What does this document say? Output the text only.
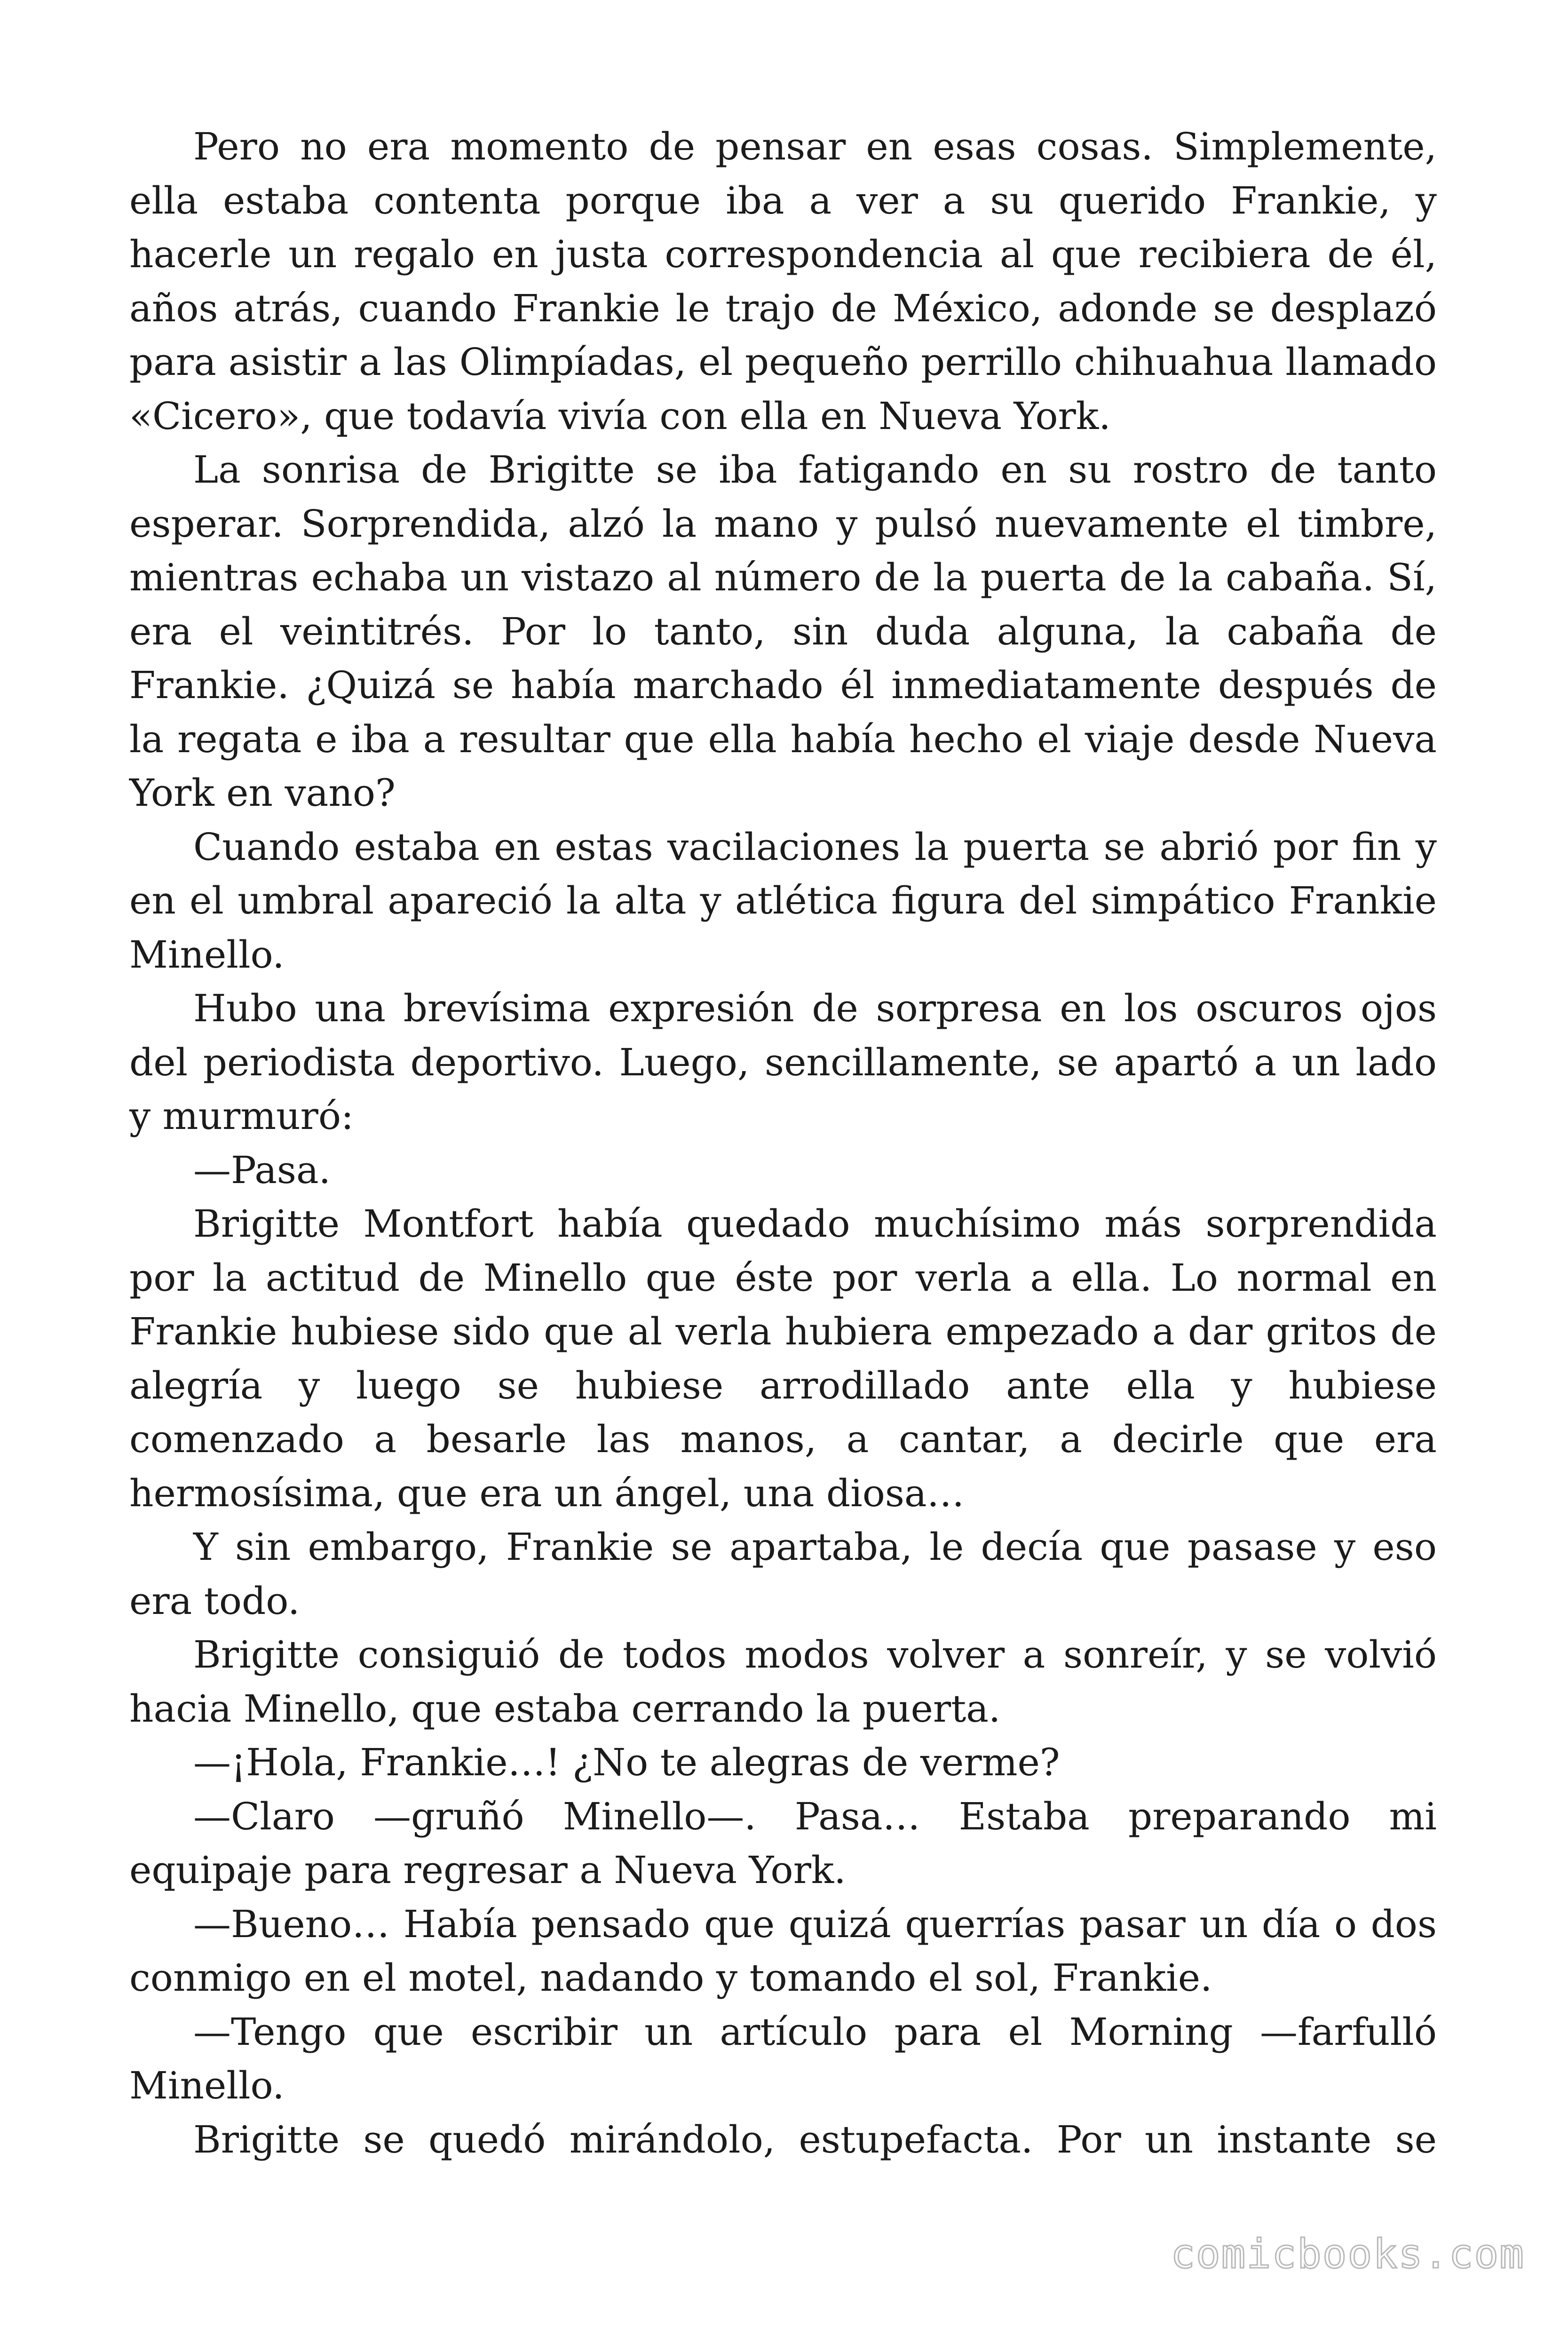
Pero no era momento de pensar en esas cosas. Simplemente, ella estaba contenta porque iba a ver a su querido Frankie, y hacerle un regalo en justa correspondencia al que recibiera de él, años atrás, cuando Frankie le trajo de México, adonde se desplazó para asistir a las Olimpíadas, el pequeño perrillo chihuahua llamado «Cicero», que todavía vivía con ella en Nueva York.

La sonrisa de Brigitte se iba fatigando en su rostro de tanto esperar. Sorprendida, alzó la mano y pulsó nuevamente el timbre, mientras echaba un vistazo al número de la puerta de la cabaña. Sí, era el veintitrés. Por lo tanto, sin duda alguna, la cabaña de Frankie. ¿Quizá se había marchado él inmediatamente después de la regata e iba a resultar que ella había hecho el viaje desde Nueva York en vano?

Cuando estaba en estas vacilaciones la puerta se abrió por fin y en el umbral apareció la alta y atlética figura del simpático Frankie Minello.

Hubo una brevísima expresión de sorpresa en los oscuros ojos del periodista deportivo. Luego, sencillamente, se apartó a un lado y murmuró:

—Pasa.

Brigitte Montfort había quedado muchísimo más sorprendida por la actitud de Minello que éste por verla a ella. Lo normal en Frankie hubiese sido que al verla hubiera empezado a dar gritos de alegría y luego se hubiese arrodillado ante ella y hubiese comenzado a besarle las manos, a cantar, a decirle que era hermosísima, que era un ángel, una diosa…

Y sin embargo, Frankie se apartaba, le decía que pasase y eso era todo.

Brigitte consiguió de todos modos volver a sonreír, y se volvió hacia Minello, que estaba cerrando la puerta.

—¡Hola, Frankie…! ¿No te alegras de verme?

—Claro —gruñó Minello—. Pasa… Estaba preparando mi equipaje para regresar a Nueva York.

—Bueno… Había pensado que quizá querrías pasar un día o dos conmigo en el motel, nadando y tomando el sol, Frankie.

—Tengo que escribir un artículo para el Morning —farfulló Minello.

Brigitte se quedó mirándolo, estupefacta. Por un instante se

comicbooks.com
